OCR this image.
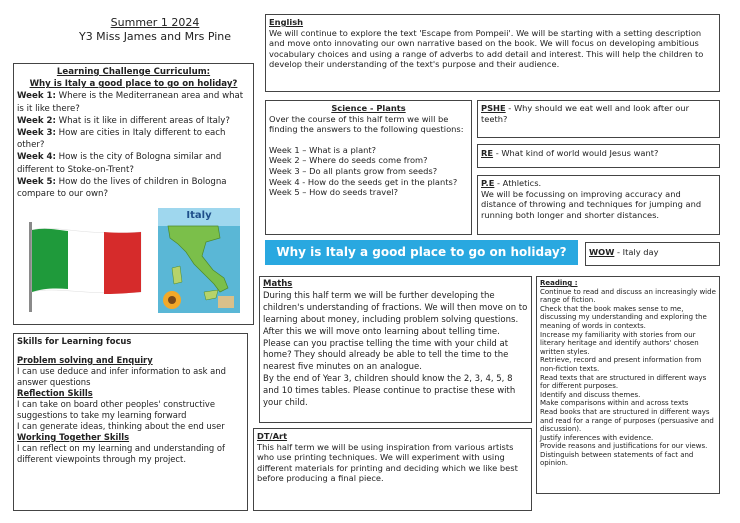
Summer 1 2024
Y3 Miss James and Mrs Pine
Learning Challenge Curriculum:
Why is Italy a good place to go on holiday?
Week 1: Where is the Mediterranean area and what is it like there?
Week 2: What is it like in different areas of Italy?
Week 3: How are cities in Italy different to each other?
Week 4: How is the city of Bologna similar and different to Stoke-on-Trent?
Week 5: How do the lives of children in Bologna compare to our own?
Italy
English

We will continue to explore the text 'Escape from Pompeii'. We will be starting with a setting description and move onto innovating our own narrative based on the book. We will focus on developing ambitious vocabulary choices and using a range of adverbs to add detail and interest. This will help the children to develop their understanding of the text's purpose and their audience.

Science - Plants

Over the course of this half term we will be finding the answers to the following questions:

Week 1 – What is a plant?
Week 2 – Where do seeds come from?
Week 3 – Do all plants grow from seeds?
Week 4 - How do the seeds get in the plants?
Week 5 – How do seeds travel?
PSHE - Why should we eat well and look after our teeth?
RE - What kind of world would Jesus want?
P.E - Athletics.

We will be focussing on improving accuracy and distance of throwing and techniques for jumping and running both longer and shorter distances.

Why is Italy a good place to go on holiday?	WOW - Italy day
Skills for Learning focus
Problem solving and Enquiry
I can use deduce and infer information to ask and answer questions
Reflection Skills
I can take on board other peoples' constructive suggestions to take my learning forward
I can generate ideas, thinking about the end user
Working Together Skills
I can reflect on my learning and understanding of different viewpoints through my project.
Maths

During this half term we will be further developing the children's understanding of fractions. We will then move on to learning about money, including problem solving questions. After this we will move onto learning about telling time. Please can you practise telling the time with your child at home? They should already be able to tell the time to the nearest five minutes on an analogue.

By the end of Year 3, children should know the 2, 3, 4, 5, 8 and 10 times tables. Please continue to practise these with your child.

DT/Art

This half term we will be using inspiration from various artists who use printing techniques. We will experiment with using different materials for printing and deciding which we like best before producing a final piece.

Reading :
Continue to read and discuss an increasingly wide range of fiction.
Check that the book makes sense to me, discussing my understanding and exploring the meaning of words in contexts.
Increase my familiarity with stories from our literary heritage and identify authors' chosen written styles.
Retrieve, record and present information from non-fiction texts.
Read texts that are structured in different ways for different purposes.
Identify and discuss themes.
Make comparisons within and across texts
Read books that are structured in different ways and read for a range of purposes (persuasive and discussion).
Justify inferences with evidence.
Provide reasons and justifications for our views.
Distinguish between statements of fact and opinion.
